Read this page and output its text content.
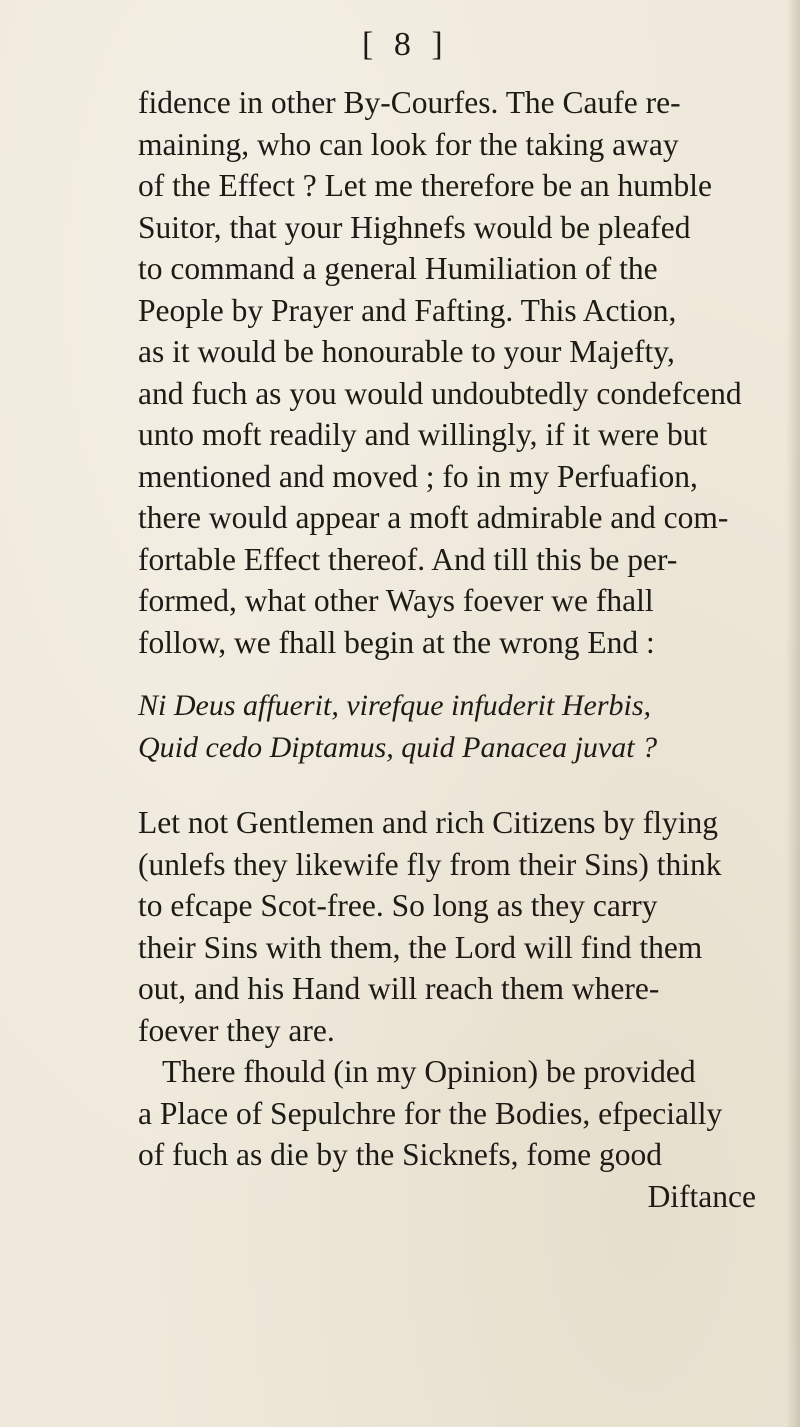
[ 8 ]
fidence in other By-Courfes. The Caufe re-
maining, who can look for the taking away
of the Effect ? Let me therefore be an humble
Suitor, that your Highnefs would be pleafed
to command a general Humiliation of the
People by Prayer and Fafting. This Action,
as it would be honourable to your Majefty,
and fuch as you would undoubtedly condefcend
unto moft readily and willingly, if it were but
mentioned and moved ; fo in my Perfuafion,
there would appear a moft admirable and com-
fortable Effect thereof. And till this be per-
formed, what other Ways foever we fhall
follow, we fhall begin at the wrong End :
Ni Deus affuerit, virefque infuderit Herbis,
Quid cedo Diptamus, quid Panacea juvat ?
Let not Gentlemen and rich Citizens by flying
(unlefs they likewife fly from their Sins) think
to efcape Scot-free. So long as they carry
their Sins with them, the Lord will find them
out, and his Hand will reach them where-
foever they are.
There fhould (in my Opinion) be provided
a Place of Sepulchre for the Bodies, efpecially
of fuch as die by the Sicknefs, fome good
Diftance
